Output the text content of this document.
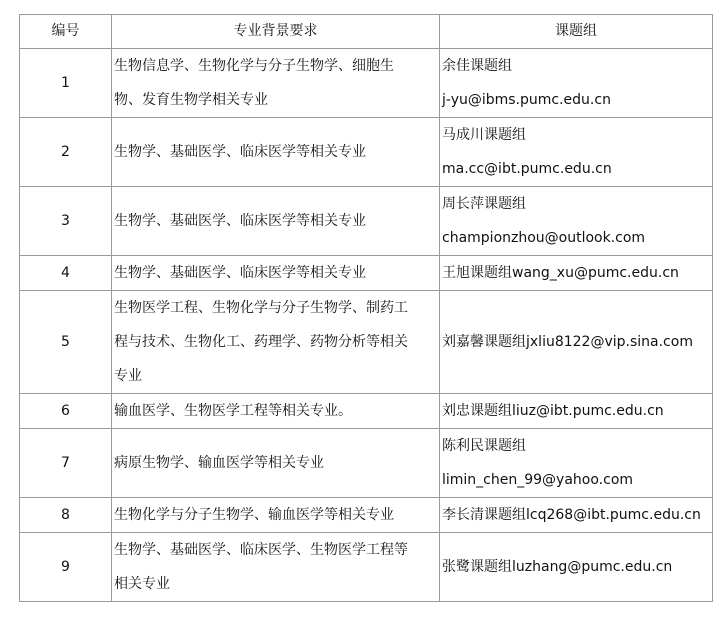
编号	专业背景要求	课题组
1	生物信息学、生物化学与分子生物学、细胞生
物、发育生物学相关专业	余佳课题组
j-yu@ibms.pumc.edu.cn

2	生物学、基础医学、临床医学等相关专业	马成川课题组
ma.cc@ibt.pumc.edu.cn

3	生物学、基础医学、临床医学等相关专业	周长萍课题组
championzhou@outlook.com

4	生物学、基础医学、临床医学等相关专业	王旭课题组wang_xu@pumc.edu.cn

5	生物医学工程、生物化学与分子生物学、制药工
程与技术、生物化工、药理学、药物分析等相关
专业	刘嘉馨课题组jxliu8122@vip.sina.com

6	输血医学、生物医学工程等相关专业。	刘忠课题组liuz@ibt.pumc.edu.cn

7	病原生物学、输血医学等相关专业	陈利民课题组
limin_chen_99@yahoo.com

8	生物化学与分子生物学、输血医学等相关专业	李长清课题组lcq268@ibt.pumc.edu.cn

9	生物学、基础医学、临床医学、生物医学工程等
相关专业	张鹭课题组luzhang@pumc.edu.cn
